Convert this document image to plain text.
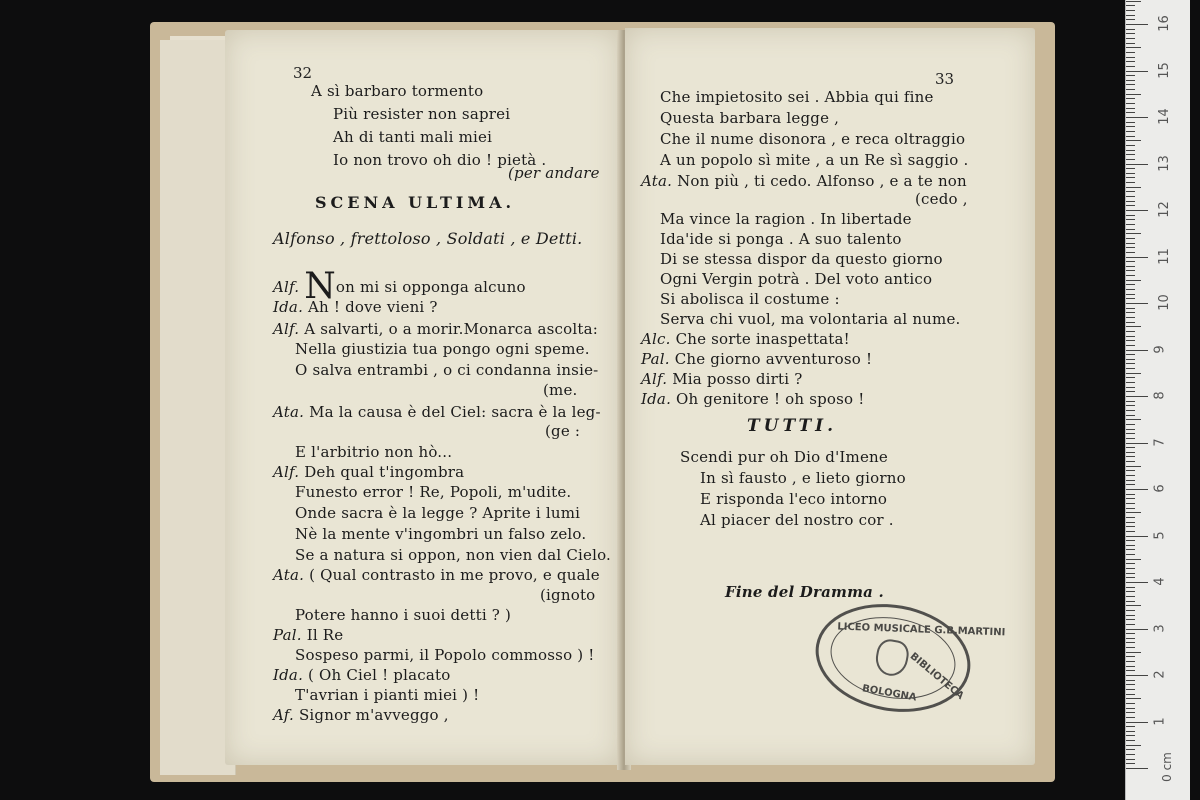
32
A sì barbaro tormento
Più resister non saprei
Ah di tanti mali miei
Io non trovo oh dio ! pietà .
(per andare
SCENA ULTIMA.
Alfonso , frettoloso , Soldati , e Detti.
Alf. Non mi si opponga alcuno
Ida. Ah ! dove vieni ?
Alf. A salvarti, o a morir.Monarca ascolta:
Nella giustizia tua pongo ogni speme.
O salva entrambi , o ci condanna insie-
(me.
Ata. Ma la causa è del Ciel: sacra è la leg-
(ge :
E l'arbitrio non hò...
Alf. Deh qual t'ingombra
Funesto error ! Re, Popoli, m'udite.
Onde sacra è la legge ? Aprite i lumi
Nè la mente v'ingombri un falso zelo.
Se a natura si oppon, non vien dal Cielo.
Ata. ( Qual contrasto in me provo, e quale
(ignoto
Potere hanno i suoi detti ? )
Pal. Il Re
Sospeso parmi, il Popolo commosso ) !
Ida. ( Oh Ciel ! placato
T'avrian i pianti miei ) !
Af. Signor m'avveggo ,
33
Che impietosito sei . Abbia qui fine
Questa barbara legge ,
Che il nume disonora , e reca oltraggio
A un popolo sì mite , a un Re sì saggio .
Ata. Non più , ti cedo. Alfonso , e a te non
(cedo ,
Ma vince la ragion . In libertade
Ida'ide si ponga . A suo talento
Di se stessa dispor da questo giorno
Ogni Vergin potrà . Del voto antico
Si abolisca il costume :
Serva chi vuol, ma volontaria al nume.
Alc. Che sorte inaspettata!
Pal. Che giorno avventuroso !
Alf. Mia posso dirti ?
Ida. Oh genitore ! oh sposo !
TUTTI.
Scendi pur oh Dio d'Imene
In sì fausto , e lieto giorno
E risponda l'eco intorno
Al piacer del nostro cor .
Fine del Dramma .
LICEO MUSICALE G.B.MARTINI
BIBLIOTECA
BOLOGNA
1
2
3
4
5
6
7
8
9
10
11
12
13
14
15
16
0 cm
